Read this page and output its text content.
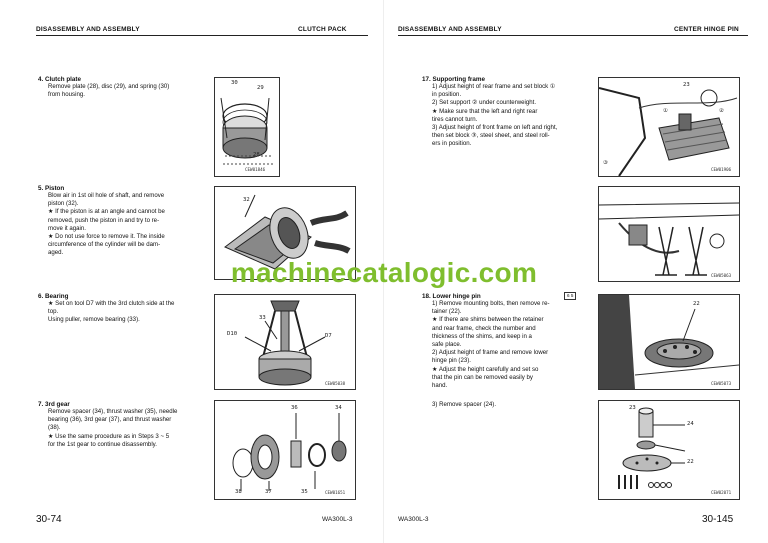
DISASSEMBLY AND ASSEMBLY	CLUTCH PACK
4. Clutch plate
Remove plate (28), disc (29), and spring (30)
from housing.
30
29
28
CEW01846
5. Piston
Blow air in 1st oil hole of shaft, and remove
piston (32).
★ If the piston is at an angle and cannot be
removed, push the piston in and try to re-
move it again.
★ Do not use force to remove it. The inside
circumference of the cylinder will be dam-
aged.
32
6. Bearing
★ Set on tool D7 with the 3rd clutch side at the
top.
Using puller, remove bearing (33).	33
D10	D7
CEW05038
7. 3rd gear
Remove spacer (34), thrust washer (35), needle
bearing (36), 3rd gear (37), and thrust washer
(38).
★ Use the same procedure as in Steps 3 ~ 5
for the 1st gear to continue disassembly.
36	34
38	37	35	CEW01651
30-74	WA300L-3
DISASSEMBLY AND ASSEMBLY	CENTER HINGE PIN
17. Supporting frame
1) Adjust height of rear frame and set block ①
in position.
2) Set support ② under counterweight.
★ Make sure that the left and right rear
tires cannot turn.
3) Adjust height of front frame on left and right,
then set block ③, steel sheet, and steel roll-
ers in position.
23
①	②
③
CEW01906
CEW05063
18. Lower hinge pin	6 5
1) Remove mounting bolts, then remove re-
tainer (22).
★ If there are shims between the retainer
and rear frame, check the number and
thickness of the shims, and keep in a
safe place.
2) Adjust height of frame and remove lower
hinge pin (23).
★ Adjust the height carefully and set so
that the pin can be removed easily by
hand.
22
CEW05073
3) Remove spacer (24).	23
24
22
CEW02071
WA300L-3	30-145
machinecatalogic.com
